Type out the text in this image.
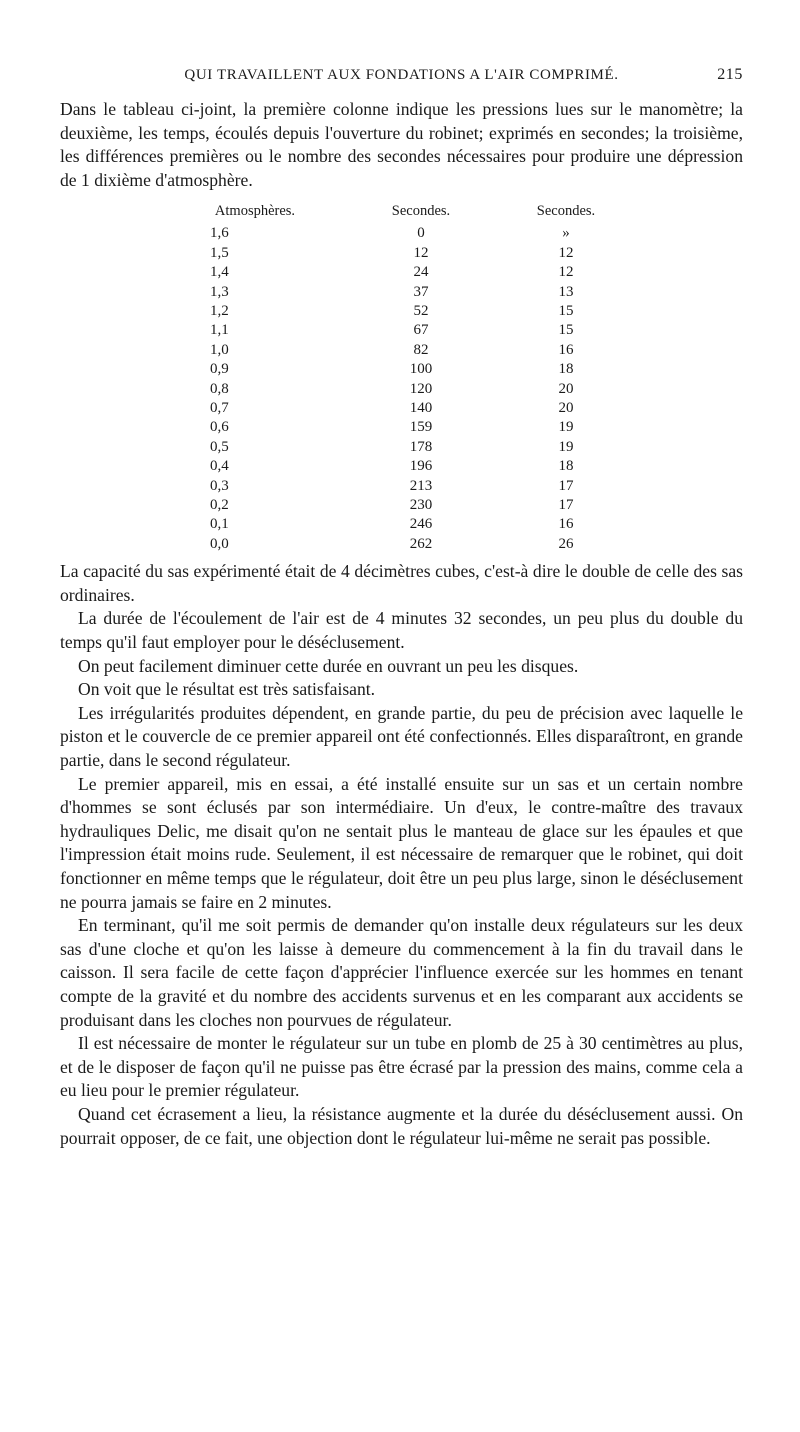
QUI TRAVAILLENT AUX FONDATIONS A L'AIR COMPRIMÉ.	215

Dans le tableau ci-joint, la première colonne indique les pressions lues sur le manomètre; la deuxième, les temps, écoulés depuis l'ouverture du robinet; exprimés en secondes; la troisième, les différences premières ou le nombre des secondes nécessaires pour produire une dépression de 1 dixième d'atmosphère.

Atmosphères.	Secondes.	Secondes.
1,6	0	»
1,5	12	12
1,4	24	12
1,3	37	13
1,2	52	15
1,1	67	15
1,0	82	16
0,9	100	18
0,8	120	20
0,7	140	20
0,6	159	19
0,5	178	19
0,4	196	18
0,3	213	17
0,2	230	17
0,1	246	16
0,0	262	26

La capacité du sas expérimenté était de 4 décimètres cubes, c'est-à dire le double de celle des sas ordinaires.

La durée de l'écoulement de l'air est de 4 minutes 32 secondes, un peu plus du double du temps qu'il faut employer pour le déséclusement.

On peut facilement diminuer cette durée en ouvrant un peu les disques.

On voit que le résultat est très satisfaisant.

Les irrégularités produites dépendent, en grande partie, du peu de précision avec laquelle le piston et le couvercle de ce premier appareil ont été confectionnés. Elles disparaîtront, en grande partie, dans le second régulateur.

Le premier appareil, mis en essai, a été installé ensuite sur un sas et un certain nombre d'hommes se sont éclusés par son intermédiaire. Un d'eux, le contre-maître des travaux hydrauliques Delic, me disait qu'on ne sentait plus le manteau de glace sur les épaules et que l'impression était moins rude. Seulement, il est nécessaire de remarquer que le robinet, qui doit fonctionner en même temps que le régulateur, doit être un peu plus large, sinon le déséclusement ne pourra jamais se faire en 2 minutes.

En terminant, qu'il me soit permis de demander qu'on installe deux régulateurs sur les deux sas d'une cloche et qu'on les laisse à demeure du commencement à la fin du travail dans le caisson. Il sera facile de cette façon d'apprécier l'influence exercée sur les hommes en tenant compte de la gravité et du nombre des accidents survenus et en les comparant aux accidents se produisant dans les cloches non pourvues de régulateur.

Il est nécessaire de monter le régulateur sur un tube en plomb de 25 à 30 centimètres au plus, et de le disposer de façon qu'il ne puisse pas être écrasé par la pression des mains, comme cela a eu lieu pour le premier régulateur.

Quand cet écrasement a lieu, la résistance augmente et la durée du déséclusement aussi. On pourrait opposer, de ce fait, une objection dont le régulateur lui-même ne serait pas possible.
